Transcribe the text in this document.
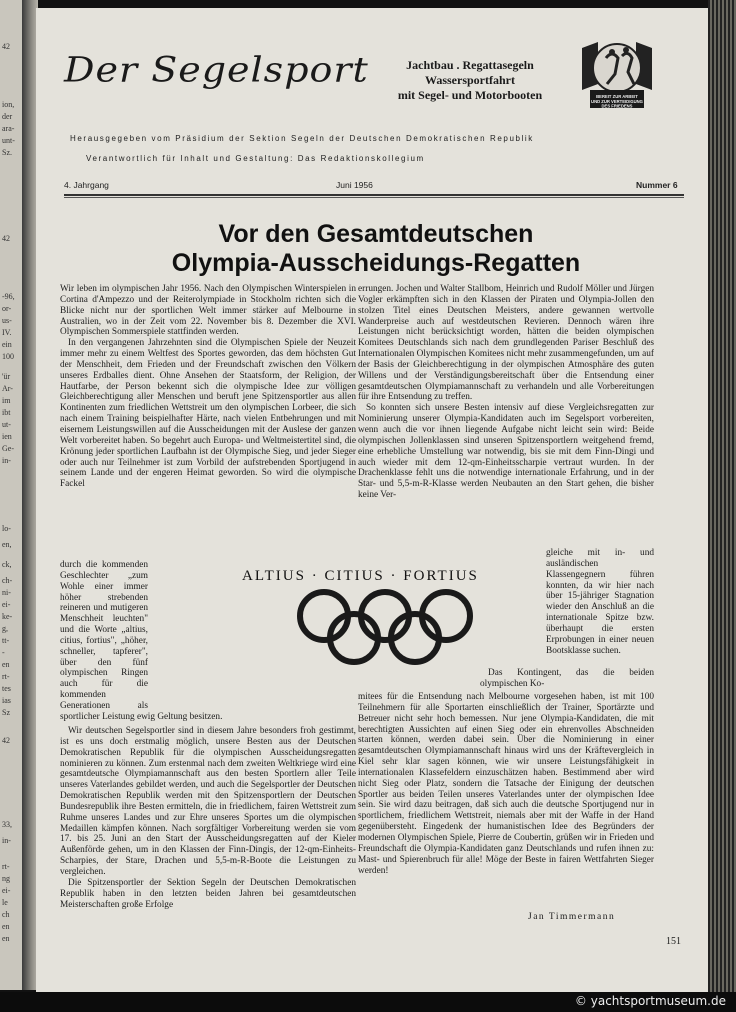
42
ion,
der
ara-
unt-
Sz.
42
-96,
or-
us-
IV.
ein
100
'ür
Ar-
im
ibt
ut-
ien
Ge-
in-
lo-
en,
ck,
ch-
ni-
ei-
ke-
g,
tt-
-
en
rt-
tes
ias
Sz
42
33,
in-
rt-
ng
ei-
le
ch
en
en
Der Segelsport	Jachtbau . Regattasegeln
Wassersportfahrt
mit Segel- und Motorbooten	BEREIT ZUR ARBEIT
UND ZUR VERTEIDIGUNG
DES FRIEDENS
Herausgegeben vom Präsidium der Sektion Segeln der Deutschen Demokratischen Republik
Verantwortlich für Inhalt und Gestaltung: Das Redaktionskollegium
4. Jahrgang	Juni 1956	Nummer 6
Vor den Gesamtdeutschen
Olympia-Ausscheidungs-Regatten

Wir leben im olympischen Jahr 1956. Nach den Olympischen Winterspielen in Cortina d'Ampezzo und der Reiterolympiade in Stockholm richten sich die Blicke nicht nur der sportlichen Welt immer stärker auf Melbourne in Australien, wo in der Zeit vom 22. November bis 8. Dezember die XVI. Olympischen Sommerspiele stattfinden werden.

In den vergangenen Jahrzehnten sind die Olympischen Spiele der Neuzeit immer mehr zu einem Weltfest des Sportes geworden, das dem höchsten Gut der Menschheit, dem Frieden und der Freundschaft zwischen den Völkern unseres Erdballes dient. Ohne Ansehen der Staatsform, der Religion, der Hautfarbe, der Person bekennt sich die olympische Idee zur völligen Gleichberechtigung aller Menschen und beruft jene Spitzensportler aus allen Kontinenten zum friedlichen Wettstreit um den olympischen Lorbeer, die sich nach einem Training beispielhafter Härte, nach vielen Entbehrungen und mit eisernem Leistungswillen auf die Ausscheidungen mit der Auslese der ganzen Welt vorbereitet haben. So begehrt auch Europa- und Weltmeistertitel sind, die Krönung jeder sportlichen Laufbahn ist der Olympische Sieg, und jeder Sieger oder auch nur Teilnehmer ist zum Vorbild der aufstrebenden Sportjugend in seinem Lande und der engeren Heimat geworden. So wird die olympische Fackel

durch die kommenden Geschlechter „zum Wohle einer immer höher strebenden reineren und mutigeren Menschheit leuchten" und die Worte „altius, citius, fortius", „höher, schneller, tapferer", über den fünf olympischen Ringen auch für die kommenden Generationen als

sportlicher Leistung ewig Geltung besitzen.

Wir deutschen Segelsportler sind in diesem Jahre besonders froh gestimmt, ist es uns doch erstmalig möglich, unsere Besten aus der Deutschen Demokratischen Republik für die olympischen Ausscheidungsregatten nominieren zu können. Zum erstenmal nach dem zweiten Weltkriege wird eine gesamtdeutsche Olympiamannschaft aus den besten Sportlern aller Teile unseres Vaterlandes gebildet werden, und auch die Segelsportler der Deutschen Demokratischen Republik werden mit den Spitzensportlern der Deutschen Bundesrepublik ihre Besten ermitteln, die in friedlichem, fairen Wettstreit zum Ruhme unseres Landes und zur Ehre unseres Sportes um die olympischen Medaillen kämpfen können. Nach sorgfältiger Vorbereitung werden sie vom 17. bis 25. Juni an den Start der Ausscheidungsregatten auf der Kieler Außenförde gehen, um in den Klassen der Finn-Dingis, der 12-qm-Einheits-Scharpies, der Stare, Drachen und 5,5-m-R-Boote die Leistungen zu vergleichen.

Die Spitzensportler der Sektion Segeln der Deutschen Demokratischen Republik haben in den letzten beiden Jahren bei gesamtdeutschen Meisterschaften große Erfolge

errungen. Jochen und Walter Stallbom, Heinrich und Rudolf Möller und Jürgen Vogler erkämpften sich in den Klassen der Piraten und Olympia-Jollen den stolzen Titel eines Deutschen Meisters, andere gewannen wertvolle Wanderpreise auch auf westdeutschen Revieren. Dennoch wären ihre Leistungen nicht berücksichtigt worden, hätten die beiden olympischen Komitees Deutschlands sich nach dem grundlegenden Pariser Beschluß des Internationalen Olympischen Komitees nicht mehr zusammengefunden, um auf der Basis der Gleichberechtigung in der olympischen Atmosphäre des guten Willens und der Verständigungsbereitschaft über die Entsendung einer gesamtdeutschen Olympiamannschaft zu verhandeln und alle Vorbereitungen für ihre Entsendung zu treffen.

So konnten sich unsere Besten intensiv auf diese Vergleichsregatten zur Nominierung unserer Olympia-Kandidaten auch im Segelsport vorbereiten, wenn auch die vor ihnen liegende Aufgabe nicht leicht sein wird: Beide olympischen Jollenklassen sind unseren Spitzensportlern weitgehend fremd, eine erhebliche Umstellung war notwendig, bis sie mit dem Finn-Dingi und auch wieder mit dem 12-qm-Einheitsscharpie vertraut wurden. In der Drachenklasse fehlt uns die notwendige internationale Erfahrung, und in der Star- und 5,5-m-R-Klasse werden Neubauten an den Start gehen, die bisher keine Ver-

gleiche mit in- und ausländischen Klassengegnern führen konnten, da wir hier nach über 15-jähriger Stagnation wieder den Anschluß an die internationale Spitze bzw. überhaupt die ersten Erprobungen in einer neuen Bootsklasse suchen.

Das Kontingent, das die beiden olympischen Ko-

mitees für die Entsendung nach Melbourne vorgesehen haben, ist mit 100 Teilnehmern für alle Sportarten einschließlich der Trainer, Sportärzte und Betreuer nicht sehr hoch bemessen. Nur jene Olympia-Kandidaten, die mit berechtigten Aussichten auf einen Sieg oder ein ehrenvolles Abschneiden starten können, werden dabei sein. Über die Nominierung in einer gesamtdeutschen Olympiamannschaft hinaus wird uns der Kräftevergleich in Kiel sehr klar sagen können, wie wir unsere Leistungsfähigkeit in internationalen Klassefeldern einzuschätzen haben. Bestimmend aber wird nicht Sieg oder Platz, sondern die Tatsache der Einigung der deutschen Sportler aus beiden Teilen unseres Vaterlandes unter der olympischen Idee sein. Sie wird dazu beitragen, daß sich auch die deutsche Sportjugend nur in sportlichem, friedlichem Wettstreit, niemals aber mit der Waffe in der Hand gegenübersteht. Eingedenk der humanistischen Idee des Begründers der modernen Olympischen Spiele, Pierre de Coubertin, grüßen wir in Frieden und Freundschaft die Olympia-Kandidaten ganz Deutschlands und rufen ihnen zu: Mast- und Spierenbruch für alle! Möge der Beste in fairen Wettfahrten Sieger werden!

ALTIUS · CITIUS · FORTIUS
Jan Timmermann
151
© yachtsportmuseum.de
